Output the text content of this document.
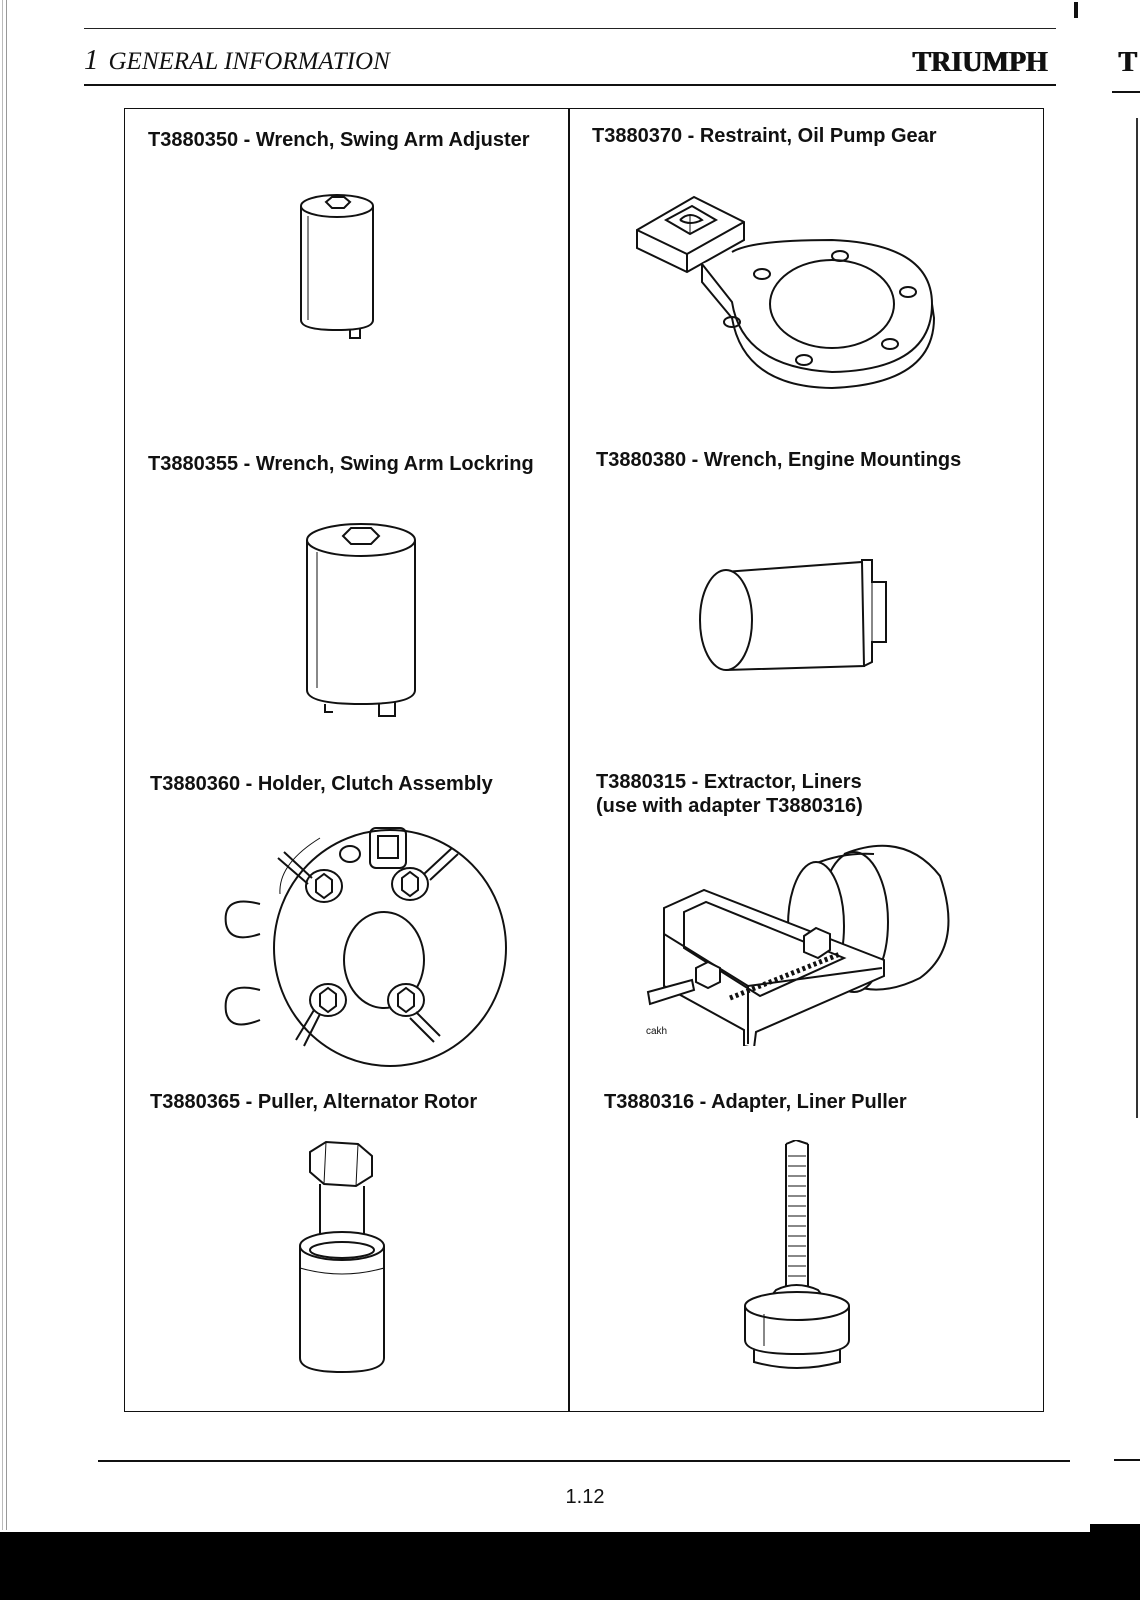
1 GENERAL INFORMATION	TRIUMPH	T
T3880350 - Wrench, Swing Arm Adjuster	T3880370 - Restraint, Oil Pump Gear
T3880355 - Wrench, Swing Arm Lockring	T3880380 - Wrench, Engine Mountings
T3880360 - Holder, Clutch Assembly	T3880315 - Extractor, Liners
(use with adapter T3880316)
cakh
T3880365 - Puller, Alternator Rotor	T3880316 - Adapter, Liner Puller
1.12
